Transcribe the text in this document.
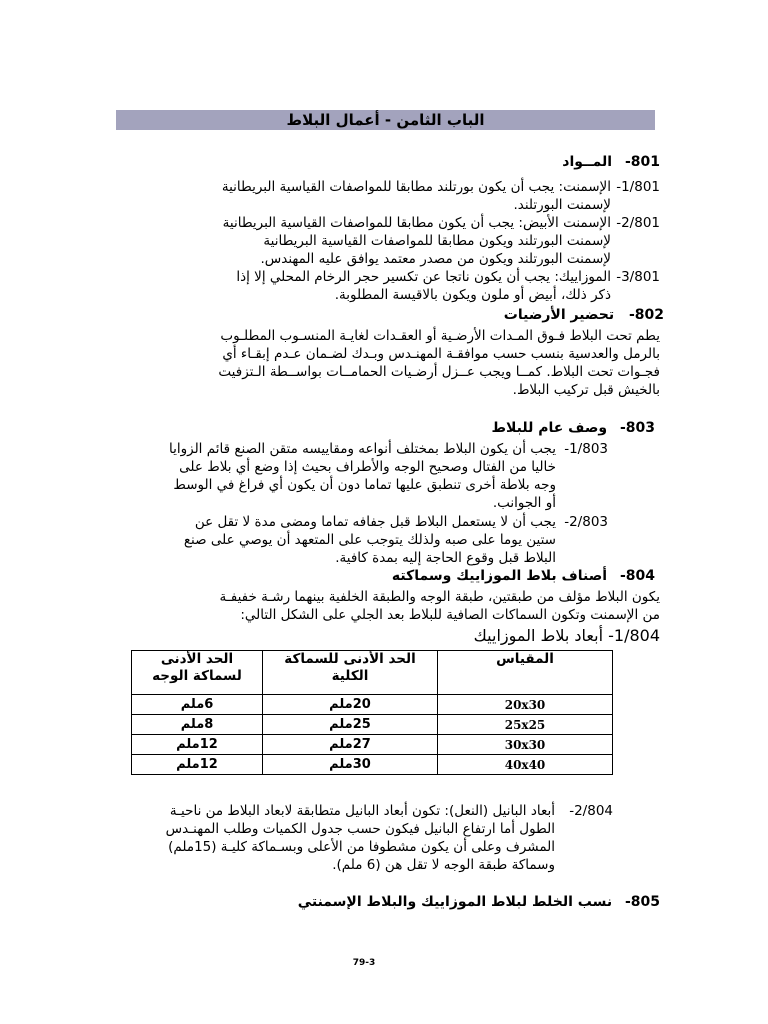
الباب الثامن - أعمال البلاط
801- المــواد
1/801-
الإسمنت: يجب أن يكون بورتلند مطابقا للمواصفات القياسية البريطانية
لإسمنت البورتلند.
2/801-
الإسمنت الأبيض: يجب أن يكون مطابقا للمواصفات القياسية البريطانية
لإسمنت البورتلند ويكون مطابقا للمواصفات القياسية البريطانية
لإسمنت البورتلند ويكون من مصدر معتمد يوافق عليه المهندس.
3/801-
الموزاييك: يجب أن يكون ناتجا عن تكسير حجر الرخام المحلي إلا إذا
ذكر ذلك، أبيض أو ملون ويكون بالاقيسة المطلوبة.
802- تحضير الأرضيات
يطم تحت البلاط فـوق المـدات الأرضـية أو العقـدات لغايـة المنسـوب المطلـوب
بالرمل والعدسية بنسب حسب موافقـة المهنـدس وبـدك لضـمان عـدم إبقـاء أي
فجـوات تحت البلاط. كمــا ويجب عــزل أرضـيات الحمامــات بواســطة الـتزفيت
بالخيش قبل تركيب البلاط.
803- وصف عام للبلاط
1/803-
يجب أن يكون البلاط بمختلف أنواعه ومقاييسه متقن الصنع قائم الزوايا
خاليا من الفتال وصحيح الوجه والأطراف بحيث إذا وضع أي بلاط على
وجه بلاطة أخرى تنطبق عليها تماما دون أن يكون أي فراغ في الوسط
أو الجوانب.
2/803-
يجب أن لا يستعمل البلاط قبل جفافه تماما ومضى مدة لا تقل عن
ستين يوما على صبه ولذلك يتوجب على المتعهد أن يوصي على صنع
البلاط قبل وقوع الحاجة إليه بمدة كافية.
804- أصناف بلاط الموزاييك وسماكته
يكون البلاط مؤلف من طبقتين، طبقة الوجه والطبقة الخلفية بينهما رشـة خفيفـة
من الإسمنت وتكون السماكات الصافية للبلاط بعد الجلي على الشكل التالي:
1/804- أبعاد بلاط الموزاييك
المقياس	الحد الأدنى للسماكة الكلية	الحد الأدنى لسماكة الوجه
20x30	20ملم	6ملم
25x25	25ملم	8ملم
30x30	27ملم	12ملم
40x40	30ملم	12ملم
2/804-
أبعاد البانيل (النعل): تكون أبعاد البانيل متطابقة لابعاد البلاط من ناحيـة
الطول أما ارتفاع البانيل فيكون حسب جدول الكميات وطلب المهنـدس
المشرف وعلى أن يكون مشطوفا من الأعلى وبسـماكة كليـة (15ملم)
وسماكة طبقة الوجه لا تقل هن (6 ملم).
805- نسب الخلط لبلاط الموزاييك والبلاط الإسمنتي
79-3
